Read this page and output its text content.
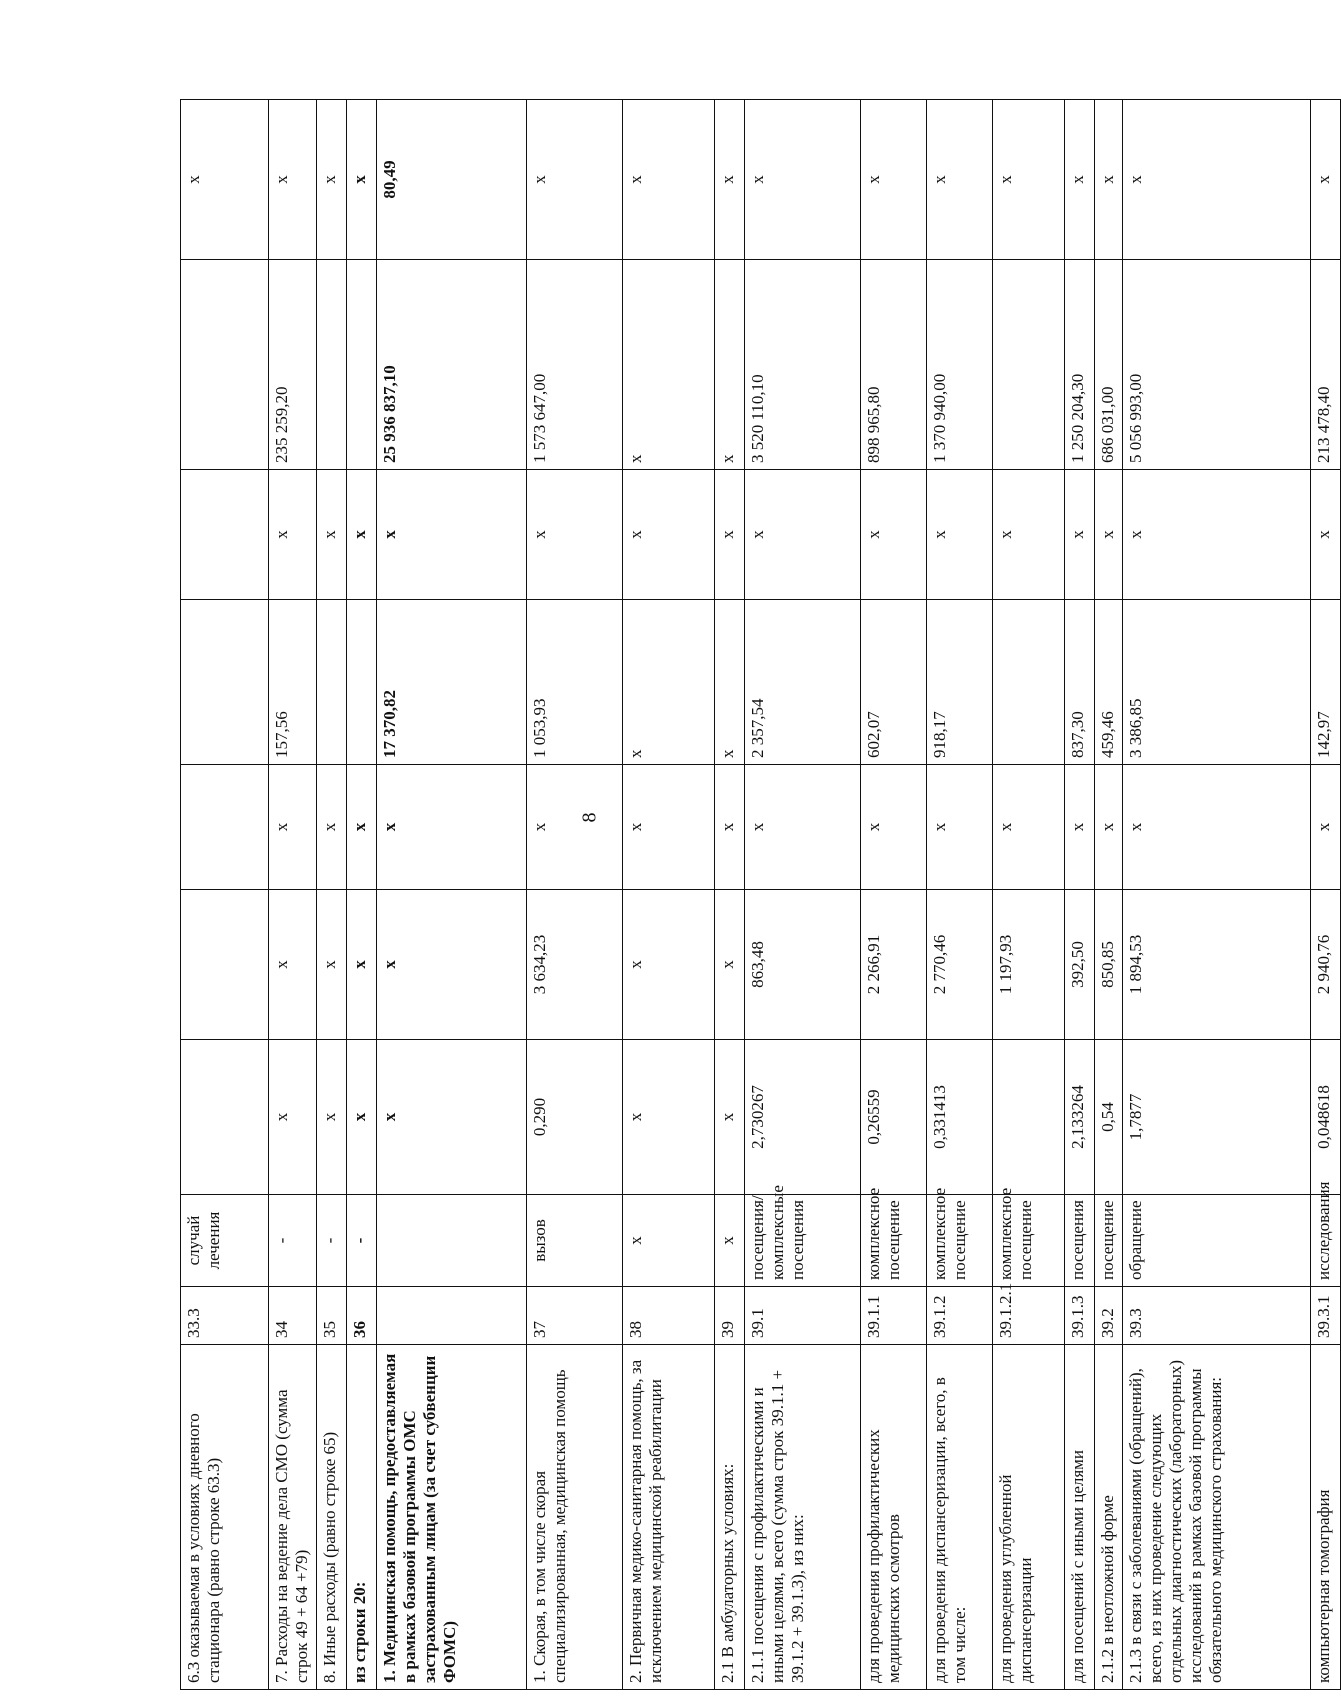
8
6.3 оказываемая в условиях дневного стационара (равно строке 63.3)	33.3	случай лечения							х
7. Расходы на ведение дела СМО (сумма строк 49 + 64 +79)	34	-	х	х	х	157,56	х	235 259,20	х
8. Иные расходы (равно строке 65)	35	-	х	х	х		х		х
из строки 20:	36	-	х	х	х		х		х
1. Медицинская помощь, предоставляемая в рамках базовой программы ОМС застрахованным лицам (за счет субвенции ФОМС)			х	х	х	17 370,82	х	25 936 837,10	80,49
1. Скорая, в том числе скорая специализированная, медицинская помощь	37	вызов	0,290	3 634,23	х	1 053,93	х	1 573 647,00	х
2. Первичная медико-санитарная помощь, за исключением медицинской реабилитации	38	х	х	х	х	х	х	х	х
2.1 В амбулаторных условиях:	39	х	х	х	х	х	х	х	х
2.1.1 посещения с профилактическими и иными целями, всего (сумма строк 39.1.1 + 39.1.2 + 39.1.3), из них:	39.1	посещения/ комплексные посещения	2,730267	863,48	х	2 357,54	х	3 520 110,10	х
для проведения профилактических медицинских осмотров	39.1.1	комплексное посещение	0,26559	2 266,91	х	602,07	х	898 965,80	х
для проведения диспансеризации, всего, в том числе:	39.1.2	комплексное посещение	0,331413	2 770,46	х	918,17	х	1 370 940,00	х
для проведения углубленной диспансеризации	39.1.2.1	комплексное посещение		1 197,93	х		х		х
для посещений с иными целями	39.1.3	посещения	2,133264	392,50	х	837,30	х	1 250 204,30	х
2.1.2 в неотложной форме	39.2	посещение	0,54	850,85	х	459,46	х	686 031,00	х
2.1.3 в связи с заболеваниями (обращений), всего, из них проведение следующих отдельных диагностических (лабораторных) исследований в рамках базовой программы обязательного медицинского страхования:	39.3	обращение	1,7877	1 894,53	х	3 386,85	х	5 056 993,00	х
компьютерная томография	39.3.1	исследования	0,048618	2 940,76	х	142,97	х	213 478,40	х
